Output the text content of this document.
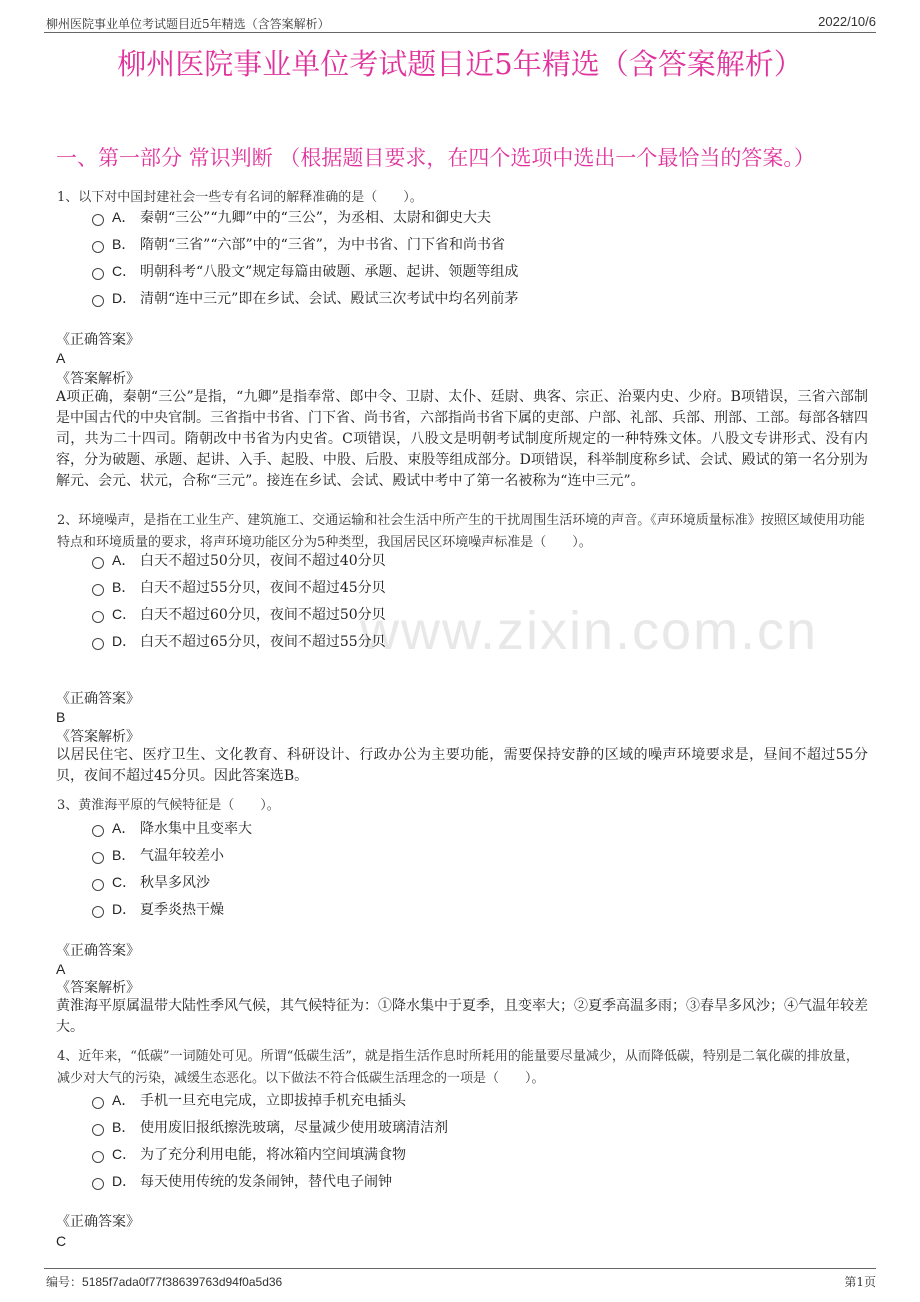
柳州医院事业单位考试题目近5年精选（含答案解析）	2022/10/6
柳州医院事业单位考试题目近5年精选（含答案解析）
一、第一部分 常识判断 （根据题目要求，在四个选项中选出一个最恰当的答案。）
www.zixin.com.cn
1、以下对中国封建社会一些专有名词的解释准确的是（　　）。
A． 秦朝“三公”“九卿”中的“三公”，为丞相、太尉和御史大夫
B． 隋朝“三省”“六部”中的“三省”，为中书省、门下省和尚书省
C． 明朝科考“八股文”规定每篇由破题、承题、起讲、领题等组成
D． 清朝“连中三元”即在乡试、会试、殿试三次考试中均名列前茅
《正确答案》
A
《答案解析》
A项正确，秦朝“三公”是指，“九卿”是指奉常、郎中令、卫尉、太仆、廷尉、典客、宗正、治粟内史、少府。B项错误，三省六部制是中国古代的中央官制。三省指中书省、门下省、尚书省，六部指尚书省下属的吏部、户部、礼部、兵部、刑部、工部。每部各辖四司，共为二十四司。隋朝改中书省为内史省。C项错误，八股文是明朝考试制度所规定的一种特殊文体。八股文专讲形式、没有内容，分为破题、承题、起讲、入手、起股、中股、后股、束股等组成部分。D项错误，科举制度称乡试、会试、殿试的第一名分别为解元、会元、状元，合称“三元”。接连在乡试、会试、殿试中考中了第一名被称为“连中三元”。
2、环境噪声，是指在工业生产、建筑施工、交通运输和社会生活中所产生的干扰周围生活环境的声音。《声环境质量标准》按照区域使用功能特点和环境质量的要求，将声环境功能区分为5种类型，我国居民区环境噪声标准是（　　）。
A． 白天不超过50分贝，夜间不超过40分贝
B． 白天不超过55分贝，夜间不超过45分贝
C． 白天不超过60分贝，夜间不超过50分贝
D． 白天不超过65分贝，夜间不超过55分贝
《正确答案》
B
《答案解析》
以居民住宅、医疗卫生、文化教育、科研设计、行政办公为主要功能，需要保持安静的区域的噪声环境要求是，昼间不超过55分贝，夜间不超过45分贝。因此答案选B。
3、黄淮海平原的气候特征是（　　）。
A． 降水集中且变率大
B． 气温年较差小
C． 秋旱多风沙
D． 夏季炎热干燥
《正确答案》
A
《答案解析》
黄淮海平原属温带大陆性季风气候，其气候特征为：①降水集中于夏季，且变率大；②夏季高温多雨；③春旱多风沙；④气温年较差大。
4、近年来，“低碳”一词随处可见。所谓“低碳生活”，就是指生活作息时所耗用的能量要尽量减少，从而降低碳，特别是二氧化碳的排放量，减少对大气的污染，减缓生态恶化。以下做法不符合低碳生活理念的一项是（　　）。
A． 手机一旦充电完成，立即拔掉手机充电插头
B． 使用废旧报纸擦洗玻璃，尽量减少使用玻璃清洁剂
C． 为了充分利用电能，将冰箱内空间填满食物
D． 每天使用传统的发条闹钟，替代电子闹钟
《正确答案》
C
编号：5185f7ada0f77f38639763d94f0a5d36	第1页
